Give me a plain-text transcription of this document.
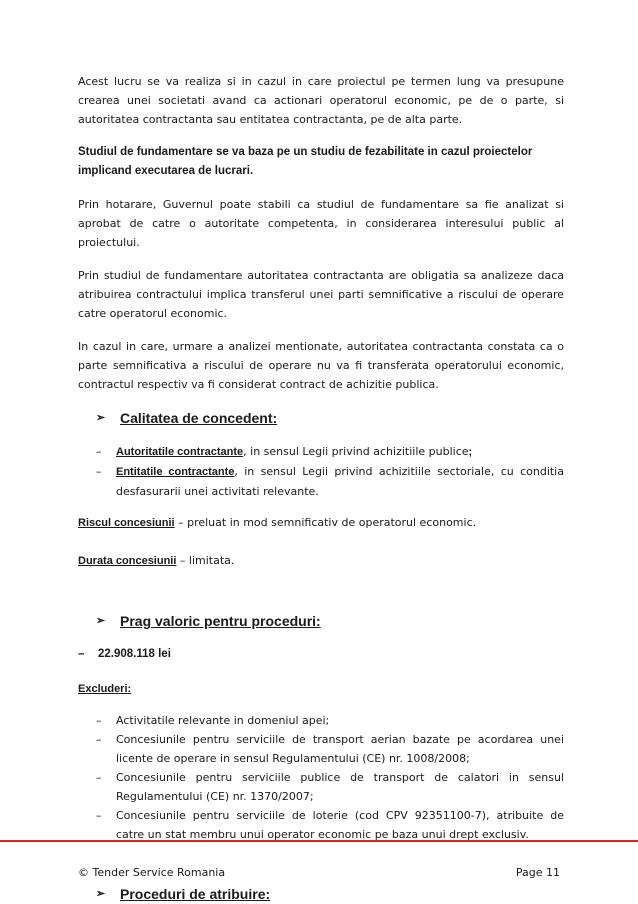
Acest lucru se va realiza si in cazul in care proiectul pe termen lung va presupune crearea unei societati avand ca actionari operatorul economic, pe de o parte, si autoritatea contractanta sau entitatea contractanta, pe de alta parte.

Studiul de fundamentare se va baza pe un studiu de fezabilitate in cazul proiectelor implicand executarea de lucrari.

Prin hotarare, Guvernul poate stabili ca studiul de fundamentare sa fie analizat si aprobat de catre o autoritate competenta, in considerarea interesului public al proiectului.

Prin studiul de fundamentare autoritatea contractanta are obligatia sa analizeze daca atribuirea contractului implica transferul unei parti semnificative a riscului de operare catre operatorul economic.

In cazul in care, urmare a analizei mentionate, autoritatea contractanta constata ca o parte semnificativa a riscului de operare nu va fi transferata operatorului economic, contractul respectiv va fi considerat contract de achizitie publica.

➢	Calitatea de concedent:
– Autoritatile contractante, in sensul Legii privind achizitiile publice;
– Entitatile contractante, in sensul Legii privind achizitiile sectoriale, cu conditia desfasurarii unei activitati relevante.
Riscul concesiunii – preluat in mod semnificativ de operatorul economic.
Durata concesiunii – limitata.
➢	Prag valoric pentru proceduri:
– 22.908.118 lei
Excluderi:
– Activitatile relevante in domeniul apei;
– Concesiunile pentru serviciile de transport aerian bazate pe acordarea unei licente de operare in sensul Regulamentului (CE) nr. 1008/2008;
– Concesiunile pentru serviciile publice de transport de calatori in sensul Regulamentului (CE) nr. 1370/2007;
– Concesiunile pentru serviciile de loterie (cod CPV 92351100-7), atribuite de catre un stat membru unui operator economic pe baza unui drept exclusiv.
➢	Proceduri de atribuire:
© Tender Service Romania	Page 11
